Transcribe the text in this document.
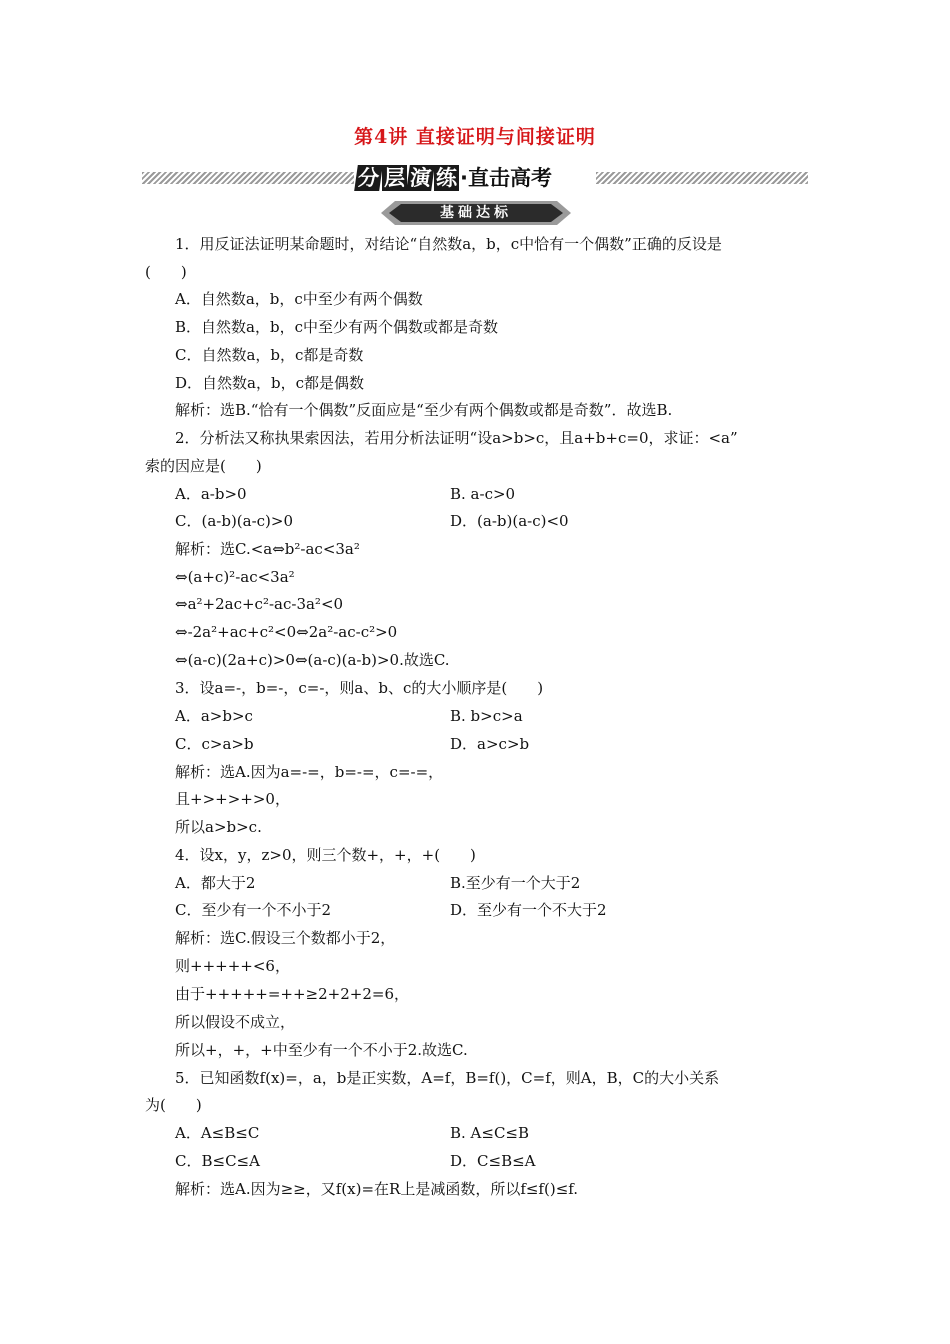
第4讲 直接证明与间接证明
分 层 演 练 ·直击高考
基础达标
1．用反证法证明某命题时，对结论“自然数a，b，c中恰有一个偶数”正确的反设是
(　　)
A．自然数a，b，c中至少有两个偶数
B．自然数a，b，c中至少有两个偶数或都是奇数
C．自然数a，b，c都是奇数
D．自然数a，b，c都是偶数
解析：选B.“恰有一个偶数”反面应是“至少有两个偶数或都是奇数”．故选B.
2．分析法又称执果索因法，若用分析法证明“设a>b>c，且a+b+c=0，求证：<a”
索的因应是(　　)
A．a-b>0	B. a-c>0
C．(a-b)(a-c)>0	D．(a-b)(a-c)<0
解析：选C.<a⇔b²-ac<3a²
⇔(a+c)²-ac<3a²
⇔a²+2ac+c²-ac-3a²<0
⇔-2a²+ac+c²<0⇔2a²-ac-c²>0
⇔(a-c)(2a+c)>0⇔(a-c)(a-b)>0.故选C.
3．设a=-，b=-，c=-，则a、b、c的大小顺序是(　　)
A．a>b>c	B. b>c>a
C．c>a>b	D．a>c>b
解析：选A.因为a=-=，b=-=，c=-=，
且+>+>+>0，
所以a>b>c.
4．设x，y，z>0，则三个数+，+，+(　　)
A．都大于2	B.至少有一个大于2
C．至少有一个不小于2	D．至少有一个不大于2
解析：选C.假设三个数都小于2，
则+++++<6，
由于+++++=++≥2+2+2=6，
所以假设不成立，
所以+，+，+中至少有一个不小于2.故选C.
5．已知函数f(x)=，a，b是正实数，A=f，B=f()，C=f，则A，B，C的大小关系
为(　　)
A．A≤B≤C	B. A≤C≤B
C．B≤C≤A	D．C≤B≤A
解析：选A.因为≥≥，又f(x)=在R上是减函数，所以f≤f()≤f.
